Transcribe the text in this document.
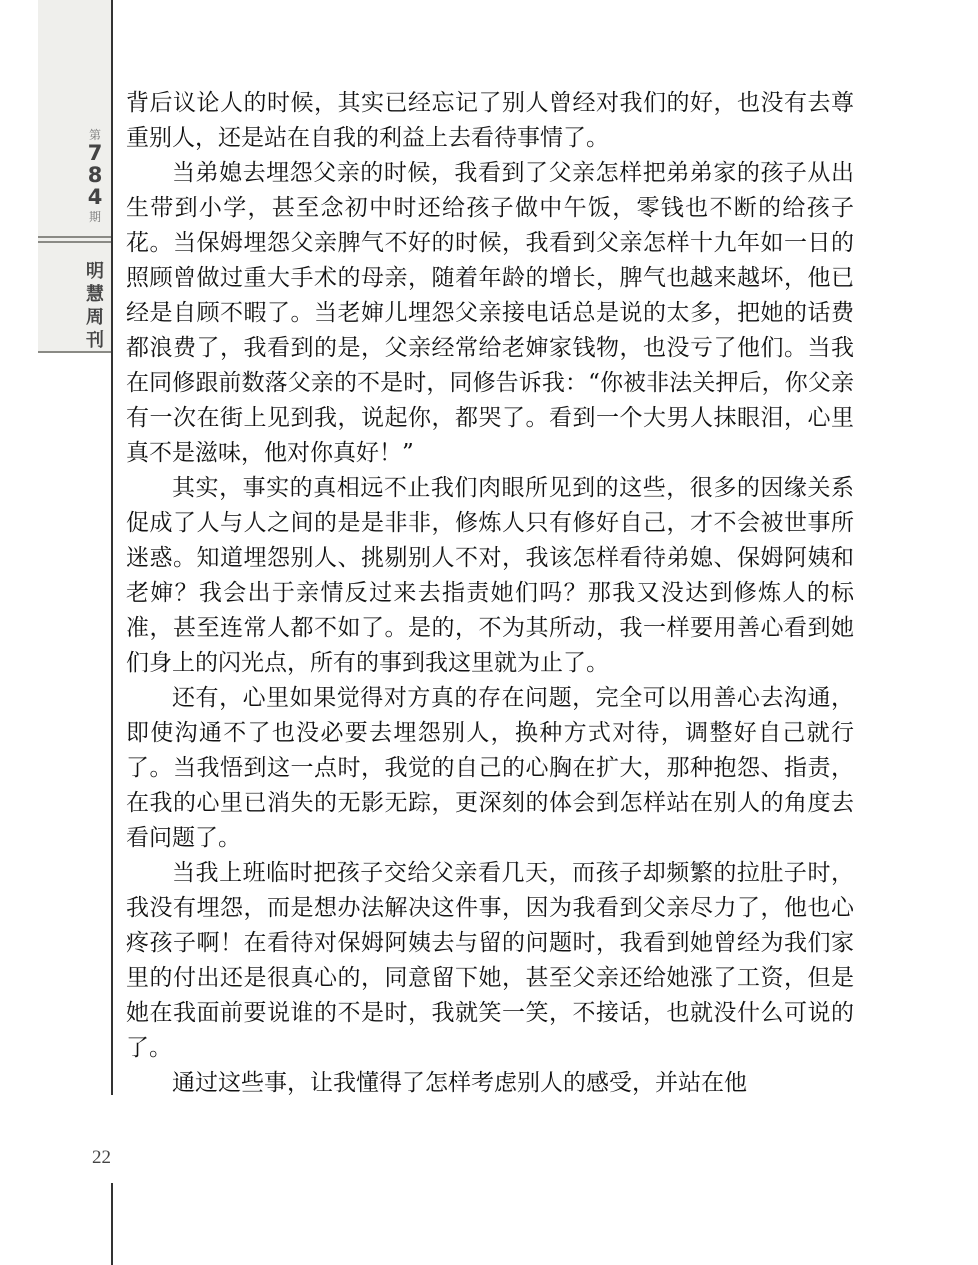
第
7
8
4
期
明
慧
周
刊
22

背后议论人的时候，其实已经忘记了别人曾经对我们的好，也没有去尊重别人，还是站在自我的利益上去看待事情了。

当弟媳去埋怨父亲的时候，我看到了父亲怎样把弟弟家的孩子从出生带到小学，甚至念初中时还给孩子做中午饭，零钱也不断的给孩子花。当保姆埋怨父亲脾气不好的时候，我看到父亲怎样十九年如一日的照顾曾做过重大手术的母亲，随着年龄的增长，脾气也越来越坏，他已经是自顾不暇了。当老婶儿埋怨父亲接电话总是说的太多，把她的话费都浪费了，我看到的是，父亲经常给老婶家钱物，也没亏了他们。当我在同修跟前数落父亲的不是时，同修告诉我：“你被非法关押后，你父亲有一次在街上见到我，说起你，都哭了。看到一个大男人抹眼泪，心里真不是滋味，他对你真好！”

其实，事实的真相远不止我们肉眼所见到的这些，很多的因缘关系促成了人与人之间的是是非非，修炼人只有修好自己，才不会被世事所迷惑。知道埋怨别人、挑剔别人不对，我该怎样看待弟媳、保姆阿姨和老婶？我会出于亲情反过来去指责她们吗？那我又没达到修炼人的标准，甚至连常人都不如了。是的，不为其所动，我一样要用善心看到她们身上的闪光点，所有的事到我这里就为止了。

还有，心里如果觉得对方真的存在问题，完全可以用善心去沟通，即使沟通不了也没必要去埋怨别人，换种方式对待，调整好自己就行了。当我悟到这一点时，我觉的自己的心胸在扩大，那种抱怨、指责，在我的心里已消失的无影无踪，更深刻的体会到怎样站在别人的角度去看问题了。

当我上班临时把孩子交给父亲看几天，而孩子却频繁的拉肚子时，我没有埋怨，而是想办法解决这件事，因为我看到父亲尽力了，他也心疼孩子啊！在看待对保姆阿姨去与留的问题时，我看到她曾经为我们家里的付出还是很真心的，同意留下她，甚至父亲还给她涨了工资，但是她在我面前要说谁的不是时，我就笑一笑，不接话，也就没什么可说的了。

通过这些事，让我懂得了怎样考虑别人的感受，并站在他
